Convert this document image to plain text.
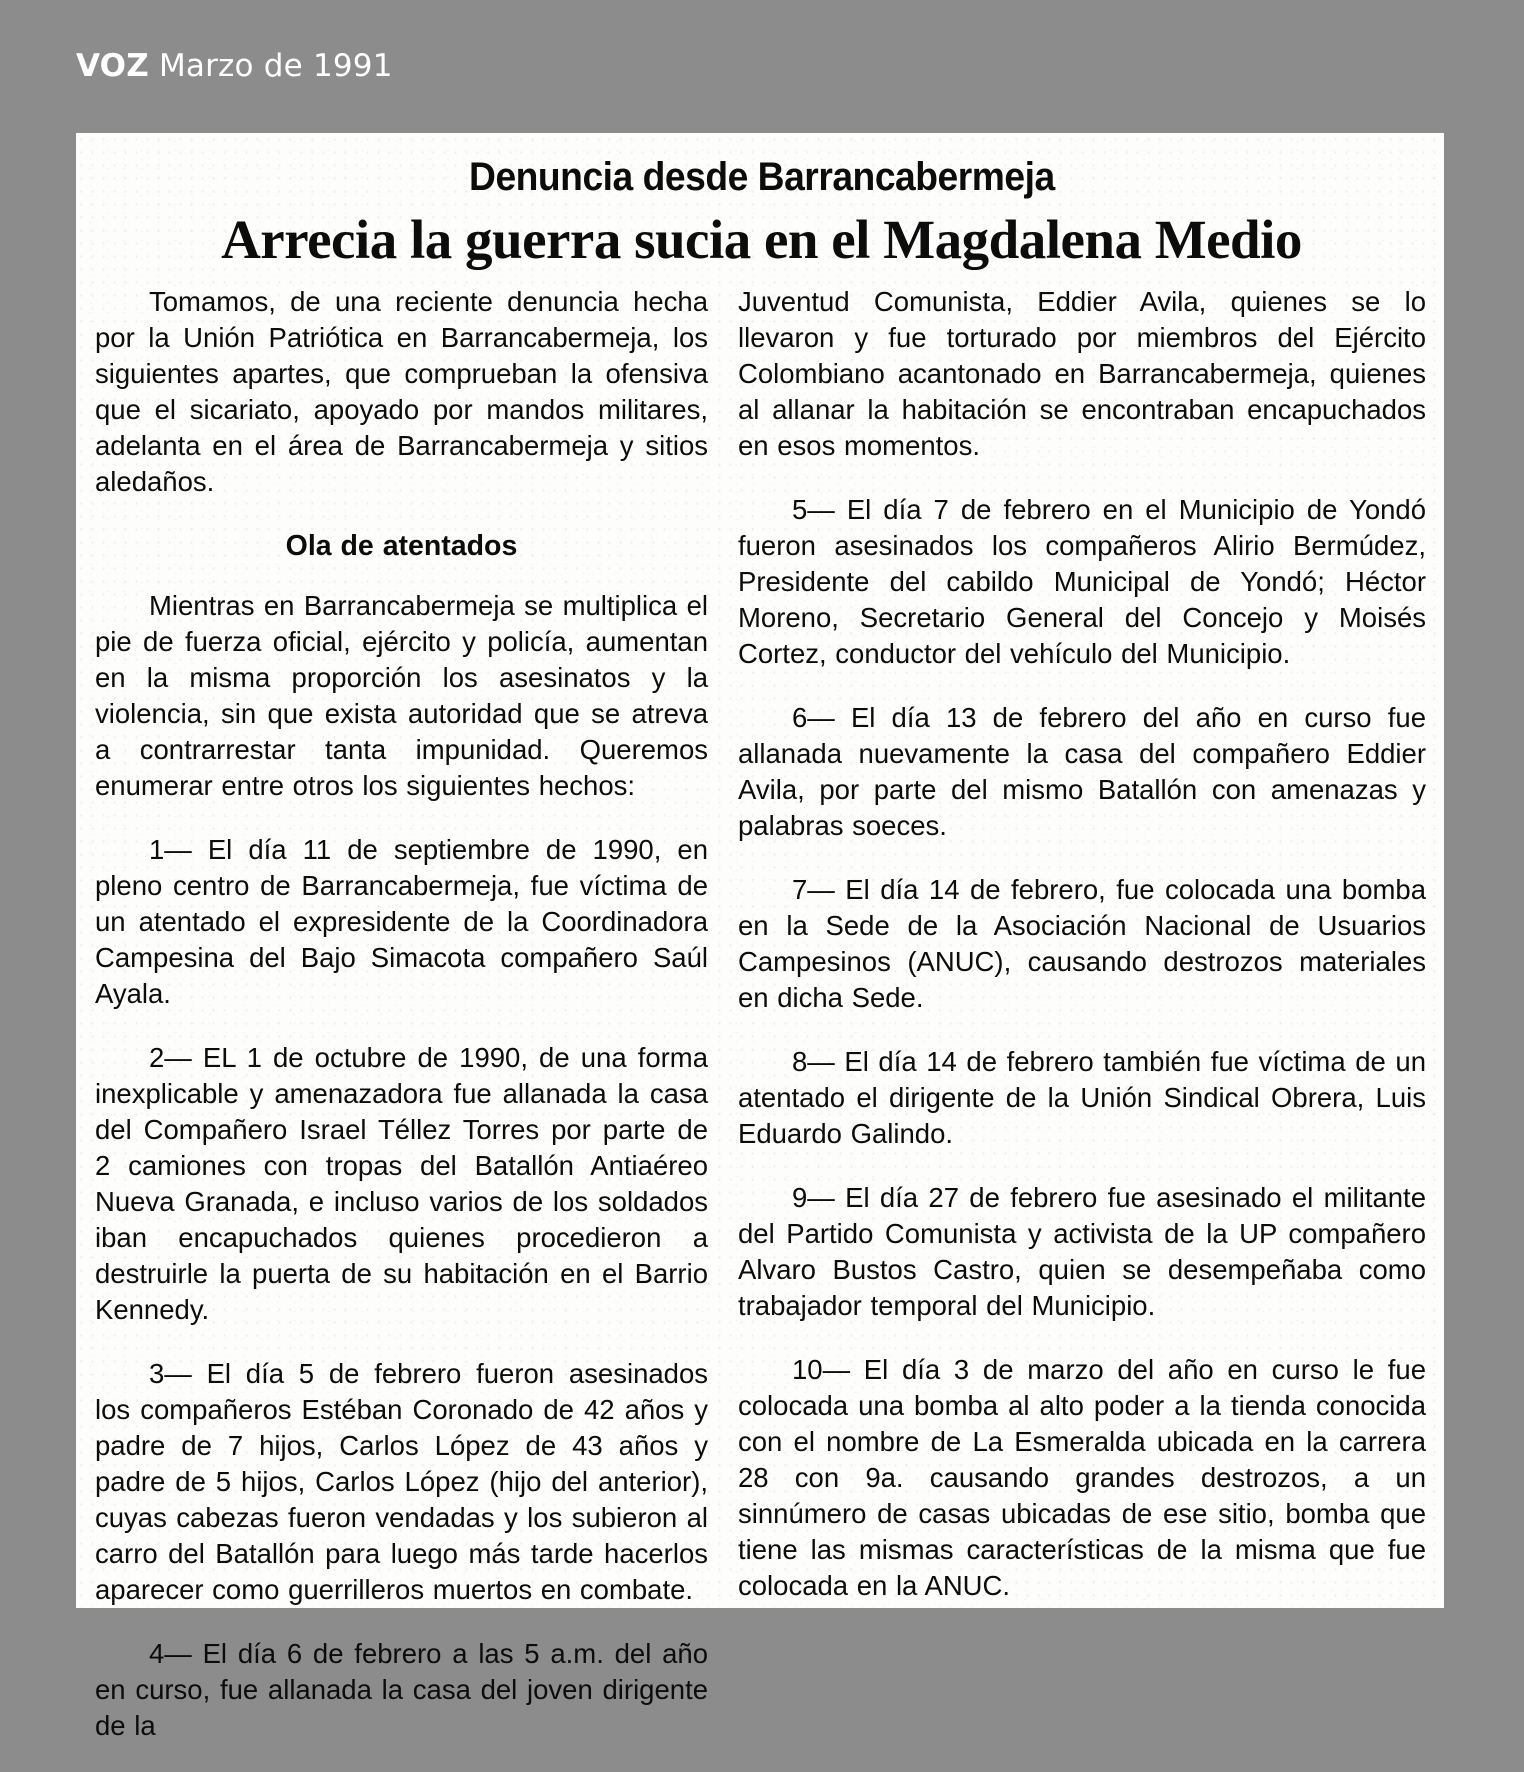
VOZ Marzo de 1991
Denuncia desde Barrancabermeja
Arrecia la guerra sucia en el Magdalena Medio

Tomamos, de una reciente denuncia hecha por la Unión Patriótica en Barrancabermeja, los siguientes apartes, que comprueban la ofensiva que el sicariato, apoyado por mandos militares, adelanta en el área de Barrancabermeja y sitios aledaños.

Ola de atentados

Mientras en Barrancabermeja se multiplica el pie de fuerza oficial, ejército y policía, aumentan en la misma proporción los asesinatos y la violencia, sin que exista autoridad que se atreva a contrarrestar tanta impunidad. Queremos enumerar entre otros los siguientes hechos:

1— El día 11 de septiembre de 1990, en pleno centro de Barrancabermeja, fue víctima de un atentado el expresidente de la Coordinadora Campesina del Bajo Simacota compañero Saúl Ayala.

2— EL 1 de octubre de 1990, de una forma inexplicable y amenazadora fue allanada la casa del Compañero Israel Téllez Torres por parte de 2 camiones con tropas del Batallón Antiaéreo Nueva Granada, e incluso varios de los soldados iban encapuchados quienes procedieron a destruirle la puerta de su habitación en el Barrio Kennedy.

3— El día 5 de febrero fueron asesinados los compañeros Estéban Coronado de 42 años y padre de 7 hijos, Carlos López de 43 años y padre de 5 hijos, Carlos López (hijo del anterior), cuyas cabezas fueron vendadas y los subieron al carro del Batallón para luego más tarde hacerlos aparecer como guerrilleros muertos en combate.

4— El día 6 de febrero a las 5 a.m. del año en curso, fue allanada la casa del joven dirigente de la

Juventud Comunista, Eddier Avila, quienes se lo llevaron y fue torturado por miembros del Ejército Colombiano acantonado en Barrancabermeja, quienes al allanar la habitación se encontraban encapuchados en esos momentos.

5— El día 7 de febrero en el Municipio de Yondó fueron asesinados los compañeros Alirio Bermúdez, Presidente del cabildo Municipal de Yondó; Héctor Moreno, Secretario General del Concejo y Moisés Cortez, conductor del vehículo del Municipio.

6— El día 13 de febrero del año en curso fue allanada nuevamente la casa del compañero Eddier Avila, por parte del mismo Batallón con amenazas y palabras soeces.

7— El día 14 de febrero, fue colocada una bomba en la Sede de la Asociación Nacional de Usuarios Campesinos (ANUC), causando destrozos materiales en dicha Sede.

8— El día 14 de febrero también fue víctima de un atentado el dirigente de la Unión Sindical Obrera, Luis Eduardo Galindo.

9— El día 27 de febrero fue asesinado el militante del Partido Comunista y activista de la UP compañero Alvaro Bustos Castro, quien se desempeñaba como trabajador temporal del Municipio.

10— El día 3 de marzo del año en curso le fue colocada una bomba al alto poder a la tienda conocida con el nombre de La Esmeralda ubicada en la carrera 28 con 9a. causando grandes destrozos, a un sinnúmero de casas ubicadas de ese sitio, bomba que tiene las mismas características de la misma que fue colocada en la ANUC.
